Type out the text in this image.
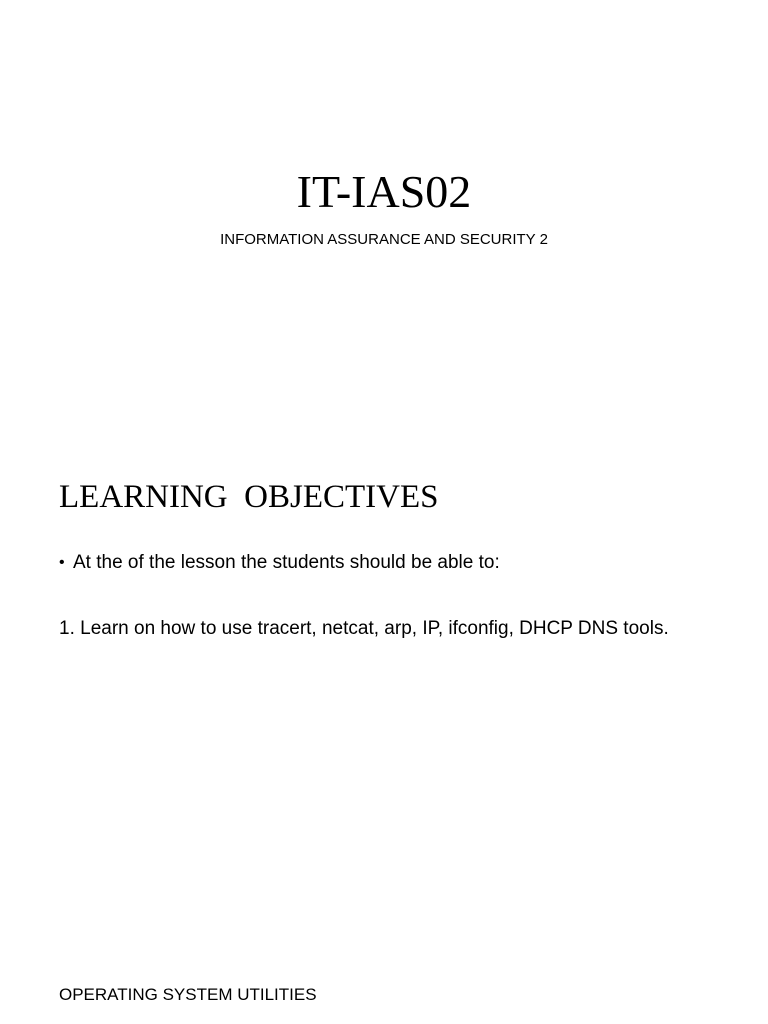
IT-IAS02

INFORMATION ASSURANCE AND SECURITY 2

LEARNING  OBJECTIVES
• At the of the lesson the students should be able to:
1. Learn on how to use tracert, netcat, arp, IP, ifconfig, DHCP DNS tools.
OPERATING SYSTEM UTILITIES
